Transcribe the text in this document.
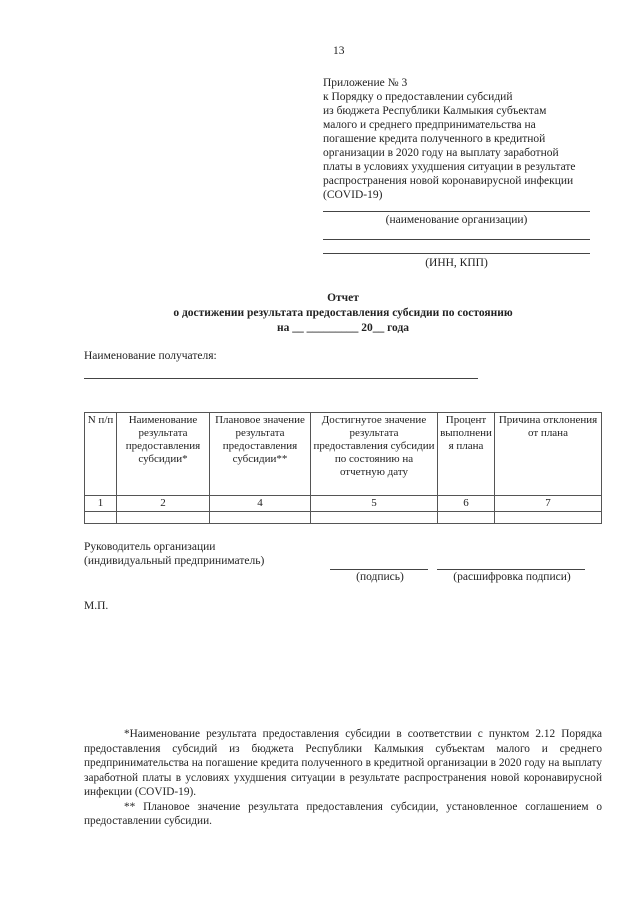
13
Приложение № 3
к Порядку о предоставлении субсидий
из бюджета Республики Калмыкия субъектам
малого и среднего предпринимательства на
погашение кредита полученного в кредитной
организации в 2020 году на выплату заработной
платы в условиях ухудшения ситуации в результате
распространения новой коронавирусной инфекции
(COVID-19)
(наименование организации)
(ИНН, КПП)
Отчет
о достижении результата предоставления субсидии по состоянию
на __ _________ 20__ года
Наименование получателя:
N п/п	Наименование результата предоставления субсидии*	Плановое значение результата предоставления субсидии**	Достигнутое значение результата предоставления субсидии по состоянию на отчетную дату	Процент выполнени я плана	Причина отклонения от плана
1	2	4	5	6	7

Руководитель организации
(индивидуальный предприниматель)
(подпись)	(расшифровка подписи)
М.П.

*Наименование результата предоставления субсидии в соответствии с пунктом 2.12 Порядка предоставления субсидий из бюджета Республики Калмыкия субъектам малого и среднего предпринимательства на погашение кредита полученного в кредитной организации в 2020 году на выплату заработной платы в условиях ухудшения ситуации в результате распространения новой коронавирусной инфекции (COVID-19).

** Плановое значение результата предоставления субсидии, установленное соглашением о предоставлении субсидии.
